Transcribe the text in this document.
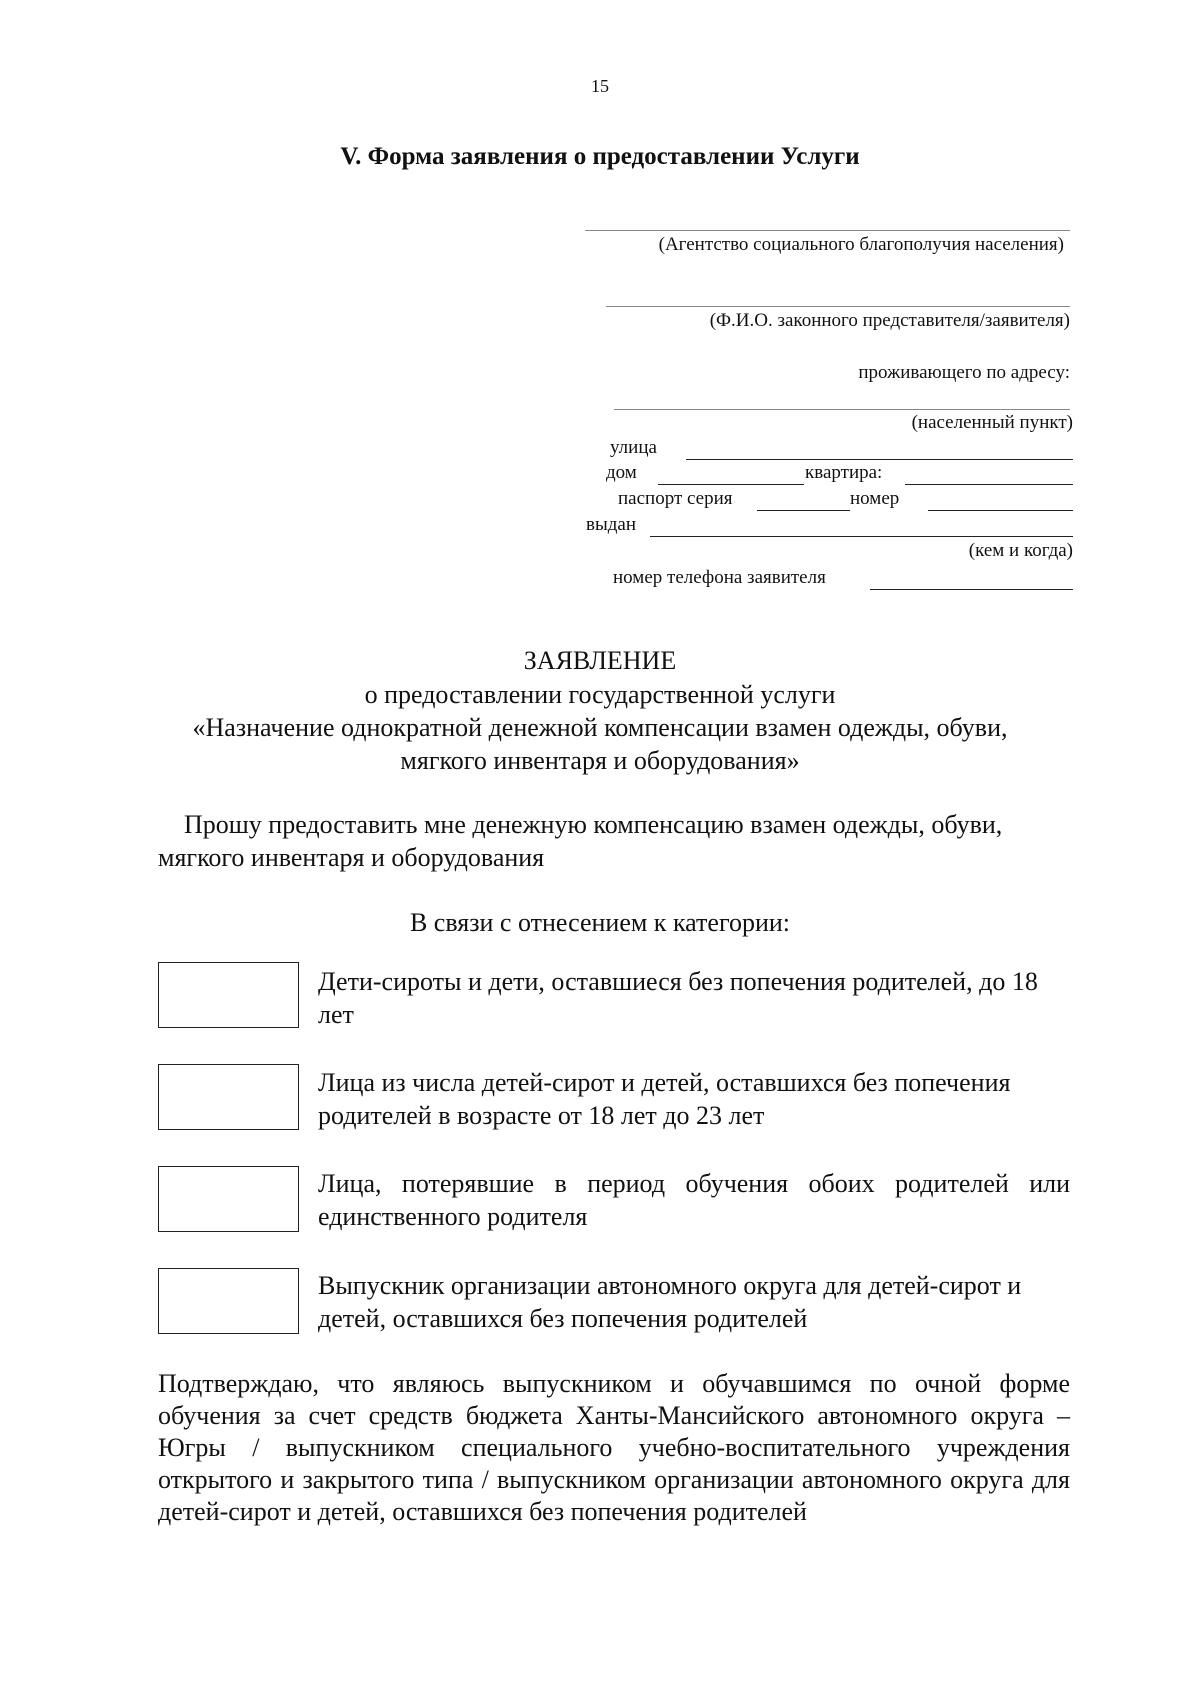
15
V. Форма заявления о предоставлении Услуги
(Агентство социального благополучия населения)
(Ф.И.О. законного представителя/заявителя)
проживающего по адресу:
(населенный пункт)
улица
дом	квартира:
паспорт серия	номер
выдан
(кем и когда)
номер телефона заявителя
ЗАЯВЛЕНИЕ
о предоставлении государственной услуги
«Назначение однократной денежной компенсации взамен одежды, обуви,
мягкого инвентаря и оборудования»
Прошу предоставить мне денежную компенсацию взамен одежды, обуви,
мягкого инвентаря и оборудования
В связи с отнесением к категории:
Дети-сироты и дети, оставшиеся без попечения родителей, до 18 лет
Лица из числа детей-сирот и детей, оставшихся без попечения родителей в возрасте от 18 лет до 23 лет
Лица, потерявшие в период обучения обоих родителей или единственного родителя
Выпускник организации автономного округа для детей-сирот и детей, оставшихся без попечения родителей
Подтверждаю, что являюсь выпускником и обучавшимся по очной форме обучения за счет средств бюджета Ханты-Мансийского автономного округа – Югры / выпускником специального учебно-воспитательного учреждения открытого и закрытого типа / выпускником организации автономного округа для детей-сирот и детей, оставшихся без попечения родителей
